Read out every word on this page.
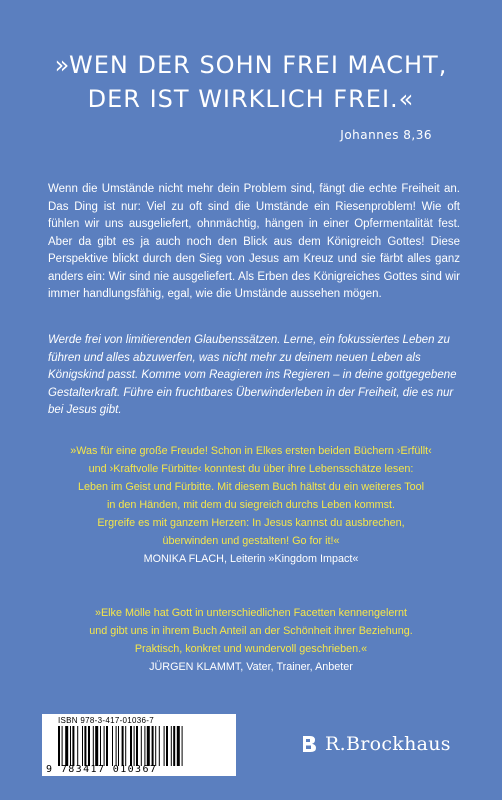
»WEN DER SOHN FREI MACHT,
DER IST WIRKLICH FREI.«
Johannes 8,36
Wenn die Umstände nicht mehr dein Problem sind, fängt die echte Freiheit an. Das Ding ist nur: Viel zu oft sind die Umstände ein Riesenproblem! Wie oft fühlen wir uns ausgeliefert, ohnmächtig, hängen in einer Opfermentalität fest. Aber da gibt es ja auch noch den Blick aus dem Königreich Gottes! Diese Perspektive blickt durch den Sieg von Jesus am Kreuz und sie färbt alles ganz anders ein: Wir sind nie ausgeliefert. Als Erben des Königreiches Gottes sind wir immer handlungsfähig, egal, wie die Umstände aussehen mögen.
Werde frei von limitierenden Glaubenssätzen. Lerne, ein fokussiertes Leben zu führen und alles abzuwerfen, was nicht mehr zu deinem neuen Leben als Königskind passt. Komme vom Reagieren ins Regieren – in deine gottgegebene Gestalterkraft. Führe ein fruchtbares Überwinderleben in der Freiheit, die es nur bei Jesus gibt.
»Was für eine große Freude! Schon in Elkes ersten beiden Büchern ›Erfüllt‹
und ›Kraftvolle Fürbitte‹ konntest du über ihre Lebensschätze lesen:
Leben im Geist und Fürbitte. Mit diesem Buch hältst du ein weiteres Tool
in den Händen, mit dem du siegreich durchs Leben kommst.
Ergreife es mit ganzem Herzen: In Jesus kannst du ausbrechen,
überwinden und gestalten! Go for it!«
MONIKA FLACH, Leiterin »Kingdom Impact«
»Elke Mölle hat Gott in unterschiedlichen Facetten kennengelernt
und gibt uns in ihrem Buch Anteil an der Schönheit ihrer Beziehung.
Praktisch, konkret und wundervoll geschrieben.«
JÜRGEN KLAMMT, Vater, Trainer, Anbeter
ISBN 978-3-417-01036-7
9 783417 010367
R.Brockhaus
